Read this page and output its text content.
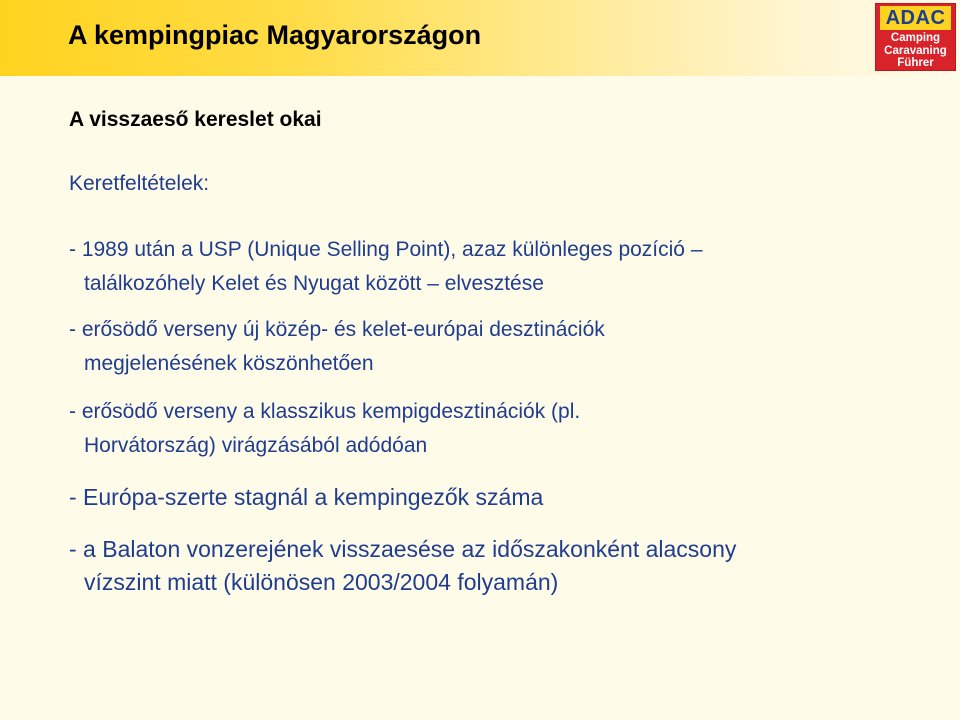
A kempingpiac Magyarországon
ADAC
Camping
Caravaning
Führer
A visszaeső kereslet okai

Keretfeltételek:

- 1989 után a USP (Unique Selling Point), azaz különleges pozíció –
találkozóhely Kelet és Nyugat között – elvesztése

- erősödő verseny új közép- és kelet-európai desztinációk
megjelenésének köszönhetően

- erősödő verseny a klasszikus kempigdesztinációk (pl.
Horvátország) virágzásából adódóan

- Európa-szerte stagnál a kempingezők száma

- a Balaton vonzerejének visszaesése az időszakonként alacsony
vízszint miatt (különösen 2003/2004 folyamán)
